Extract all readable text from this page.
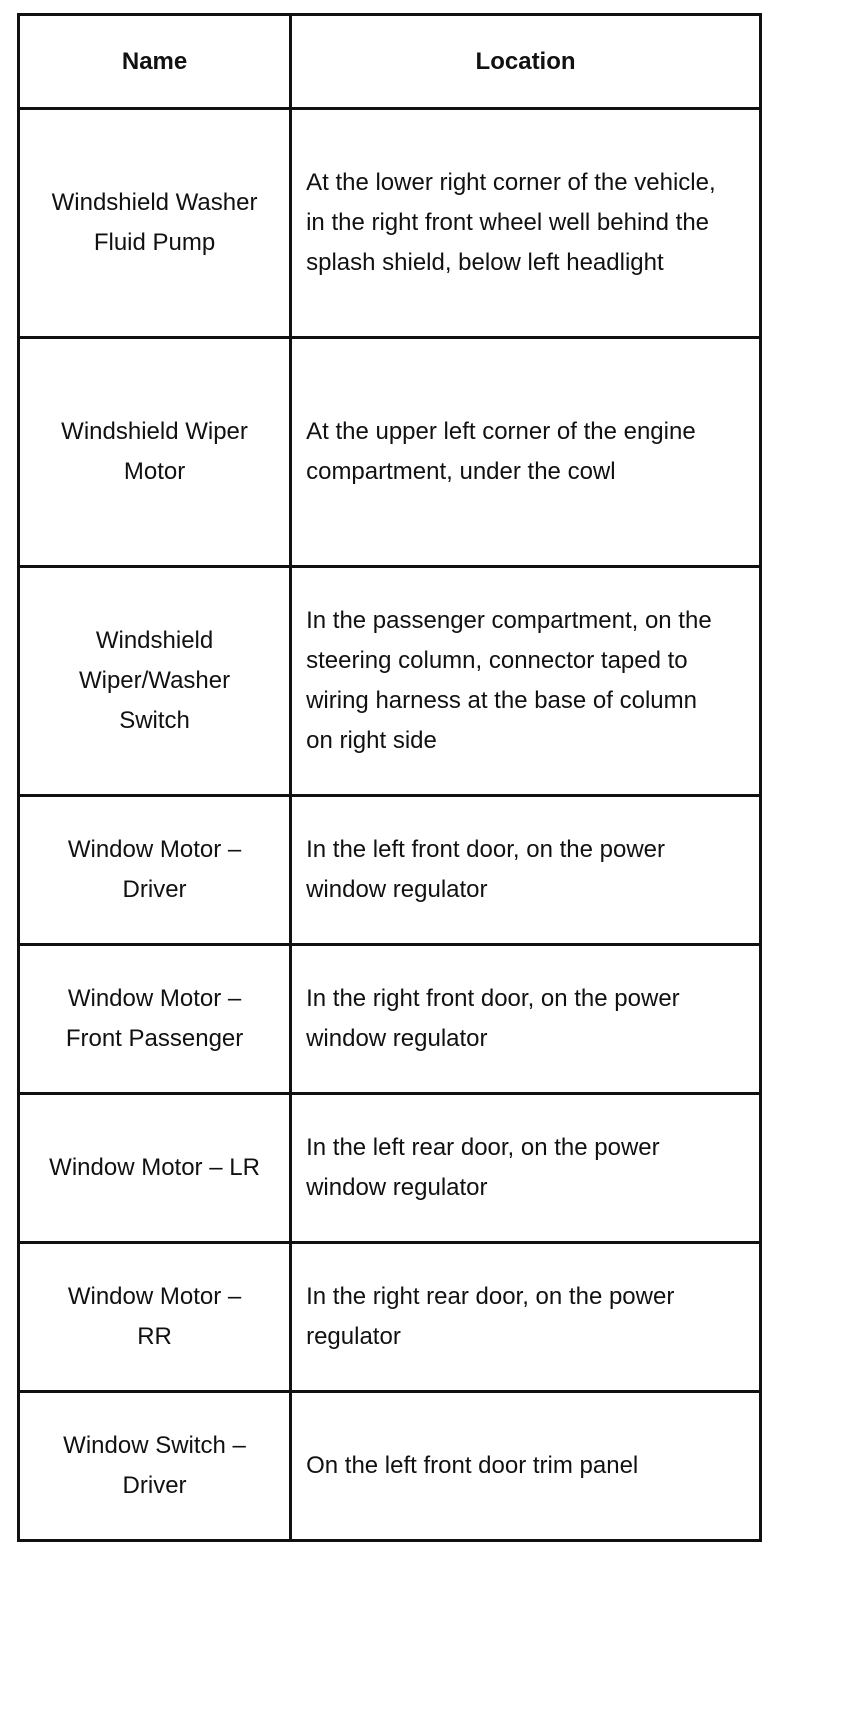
Name	Location

Windshield Washer Fluid Pump	At the lower right corner of the vehicle, in the right front wheel well behind the splash shield, below left headlight

Windshield Wiper Motor	At the upper left corner of the engine compartment, under the cowl

Windshield Wiper/Washer Switch	In the passenger compartment, on the steering column, connector taped to wiring harness at the base of column on right side

Window Motor – Driver	In the left front door, on the power window regulator

Window Motor – Front Passenger	In the right front door, on the power window regulator

Window Motor – LR	In the left rear door, on the power window regulator

Window Motor – RR	In the right rear door, on the power regulator

Window Switch – Driver	On the left front door trim panel
